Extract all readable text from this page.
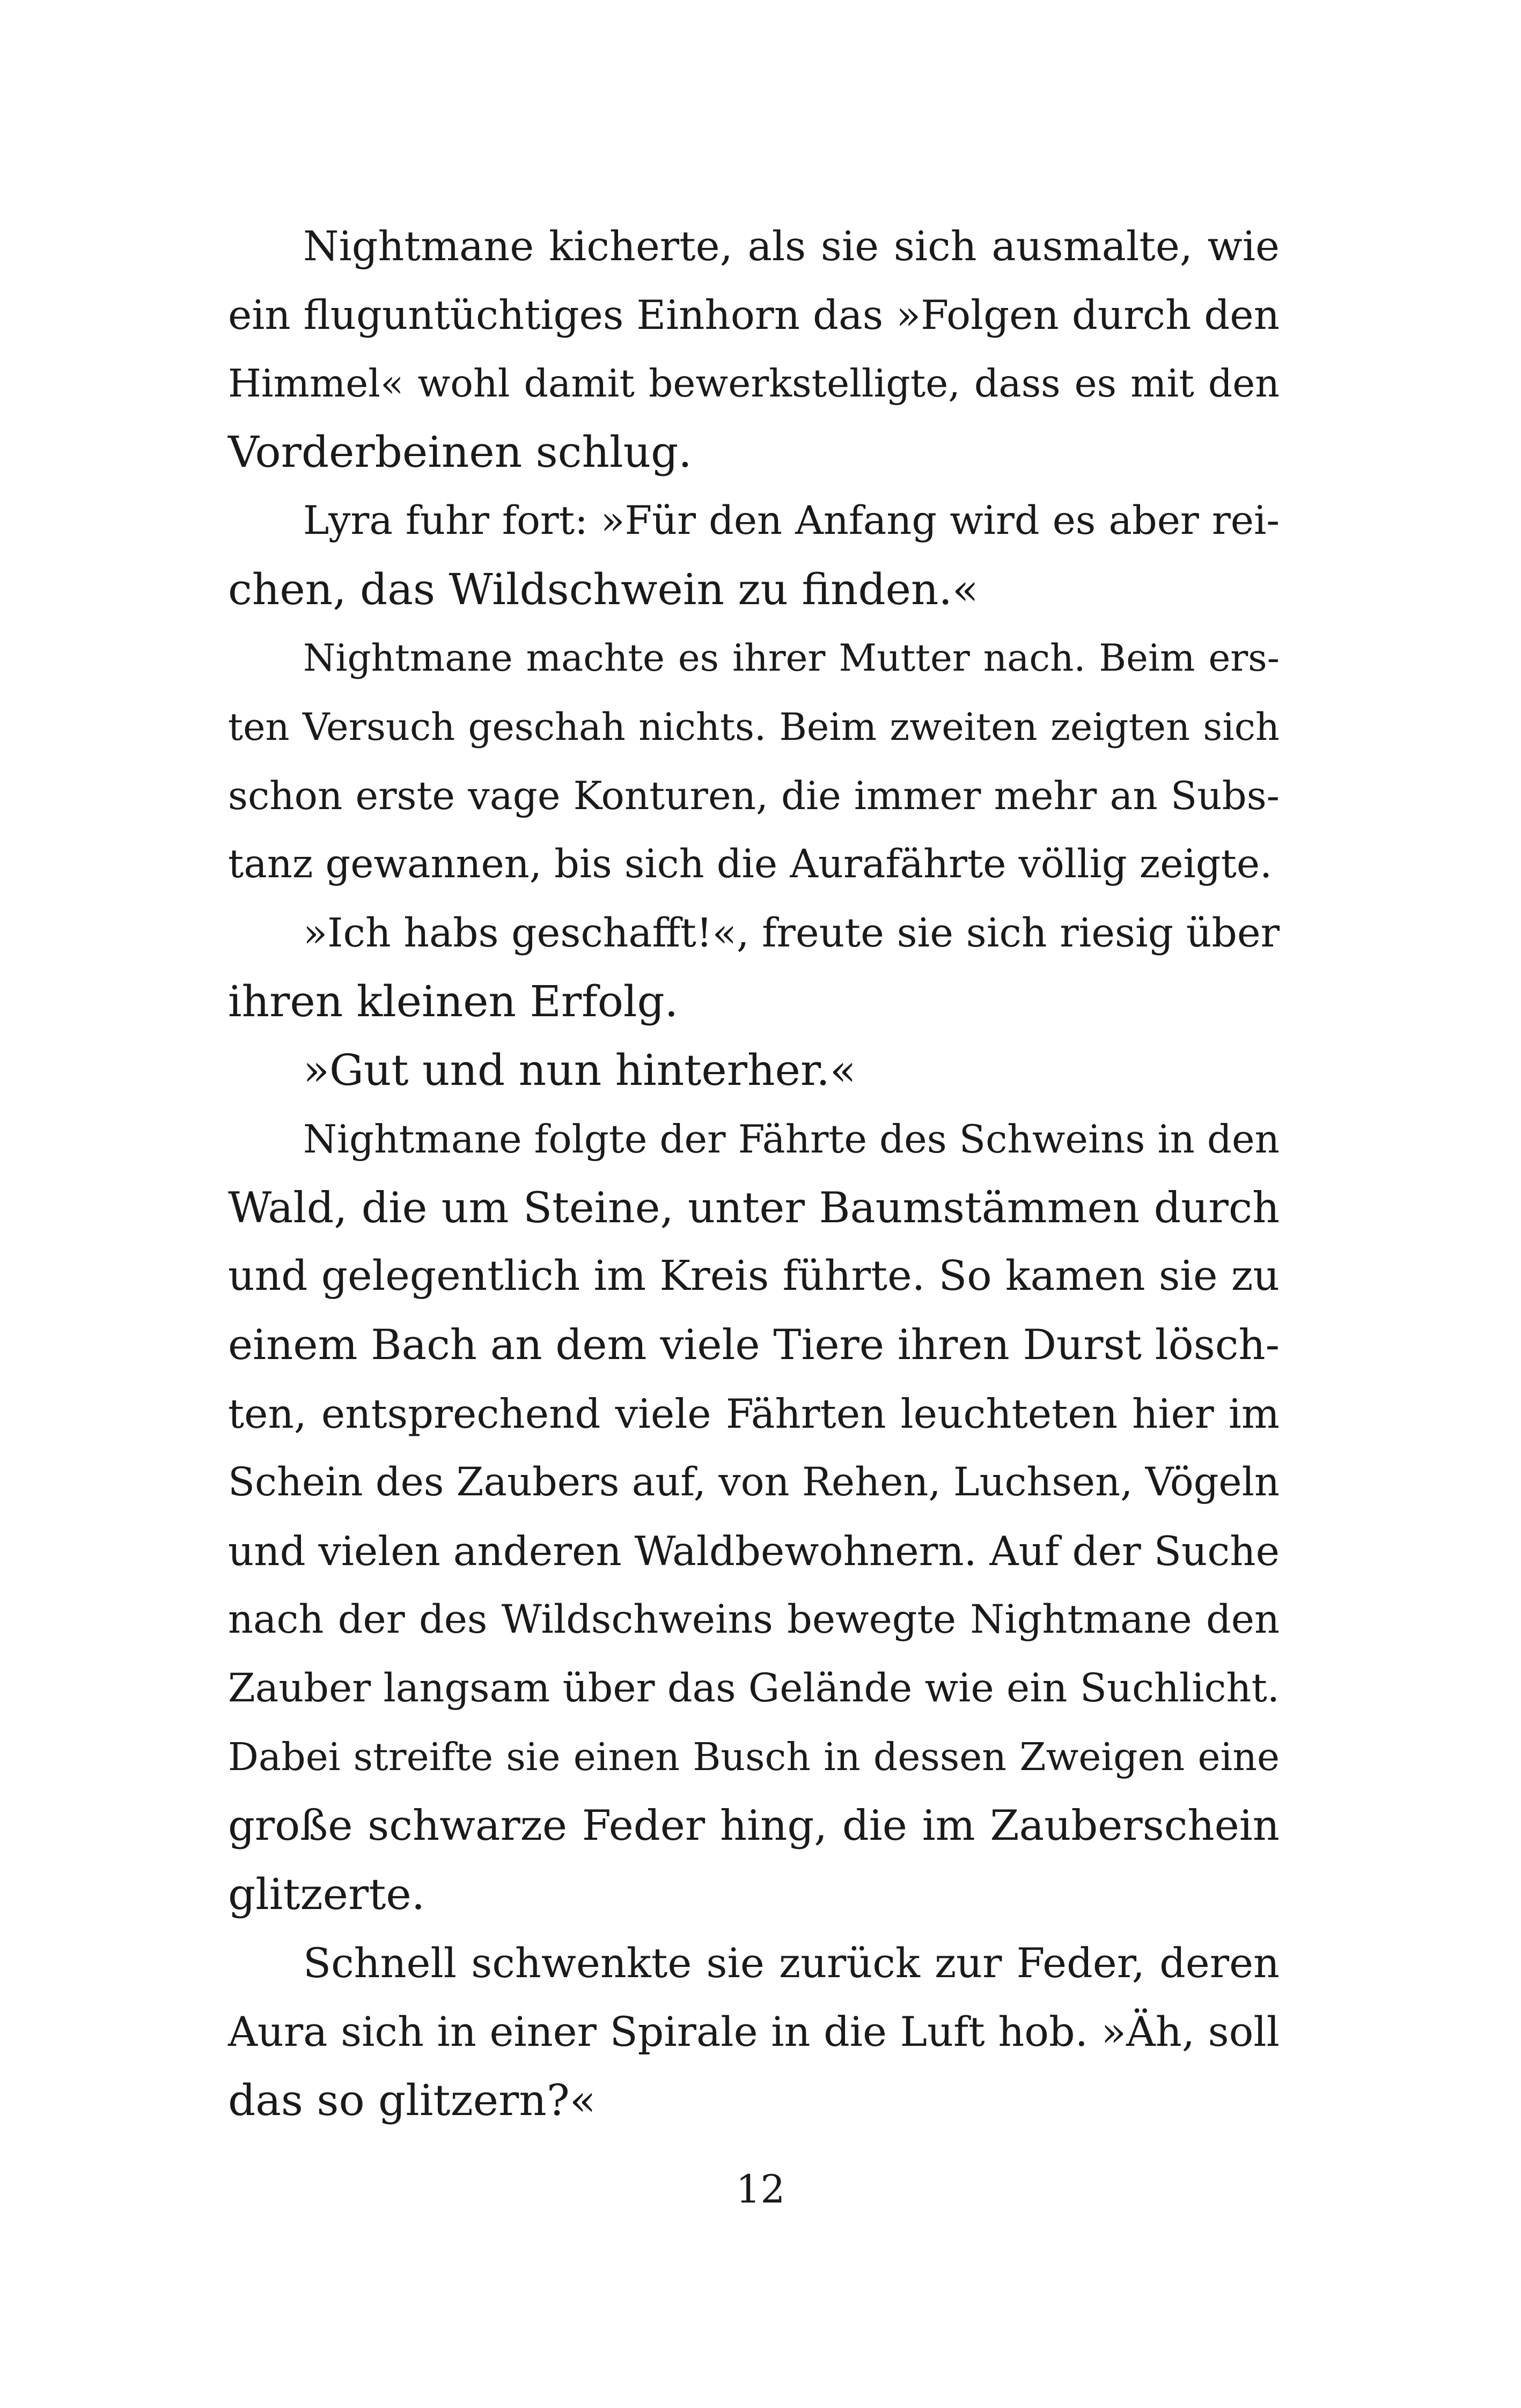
Nightmane kicherte, als sie sich ausmalte, wie
ein fluguntüchtiges Einhorn das »Folgen durch den
Himmel« wohl damit bewerkstelligte, dass es mit den
Vorderbeinen schlug.
Lyra fuhr fort: »Für den Anfang wird es aber rei-
chen, das Wildschwein zu finden.«
Nightmane machte es ihrer Mutter nach. Beim ers-
ten Versuch geschah nichts. Beim zweiten zeigten sich
schon erste vage Konturen, die immer mehr an Subs-
tanz gewannen, bis sich die Aurafährte völlig zeigte.
»Ich habs geschafft!«, freute sie sich riesig über
ihren kleinen Erfolg.
»Gut und nun hinterher.«
Nightmane folgte der Fährte des Schweins in den
Wald, die um Steine, unter Baumstämmen durch
und gelegentlich im Kreis führte. So kamen sie zu
einem Bach an dem viele Tiere ihren Durst lösch-
ten, entsprechend viele Fährten leuchteten hier im
Schein des Zaubers auf, von Rehen, Luchsen, Vögeln
und vielen anderen Waldbewohnern. Auf der Suche
nach der des Wildschweins bewegte Nightmane den
Zauber langsam über das Gelände wie ein Suchlicht.
Dabei streifte sie einen Busch in dessen Zweigen eine
große schwarze Feder hing, die im Zauberschein
glitzerte.
Schnell schwenkte sie zurück zur Feder, deren
Aura sich in einer Spirale in die Luft hob. »Äh, soll
das so glitzern?«
12
